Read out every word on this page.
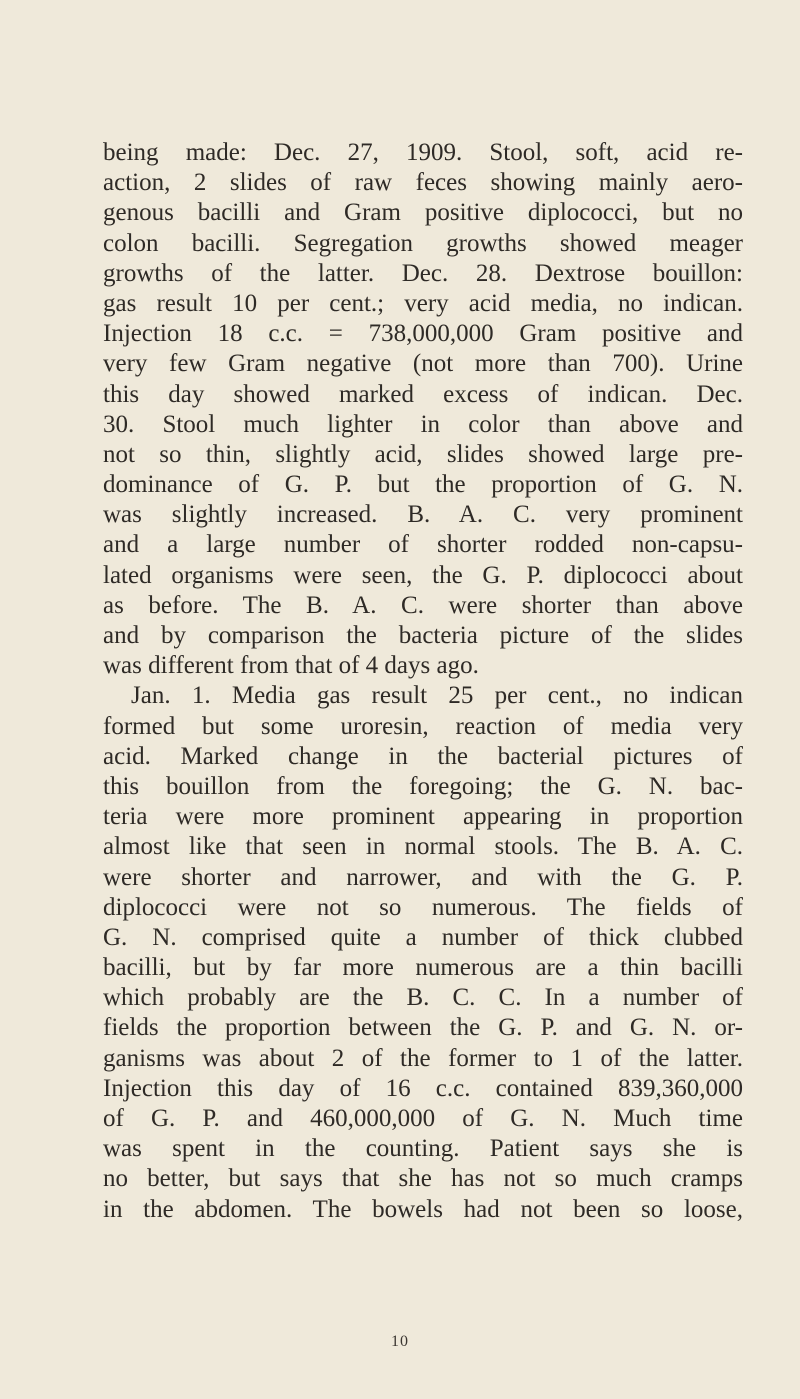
being made: Dec. 27, 1909. Stool, soft, acid re-
action, 2 slides of raw feces showing mainly aero-
genous bacilli and Gram positive diplococci, but no
colon bacilli. Segregation growths showed meager
growths of the latter. Dec. 28. Dextrose bouillon:
gas result 10 per cent.; very acid media, no indican.
Injection 18 c.c. = 738,000,000 Gram positive and
very few Gram negative (not more than 700). Urine
this day showed marked excess of indican. Dec.
30. Stool much lighter in color than above and
not so thin, slightly acid, slides showed large pre-
dominance of G. P. but the proportion of G. N.
was slightly increased. B. A. C. very prominent
and a large number of shorter rodded non-capsu-
lated organisms were seen, the G. P. diplococci about
as before. The B. A. C. were shorter than above
and by comparison the bacteria picture of the slides
was different from that of 4 days ago.
Jan. 1. Media gas result 25 per cent., no indican
formed but some uroresin, reaction of media very
acid. Marked change in the bacterial pictures of
this bouillon from the foregoing; the G. N. bac-
teria were more prominent appearing in proportion
almost like that seen in normal stools. The B. A. C.
were shorter and narrower, and with the G. P.
diplococci were not so numerous. The fields of
G. N. comprised quite a number of thick clubbed
bacilli, but by far more numerous are a thin bacilli
which probably are the B. C. C. In a number of
fields the proportion between the G. P. and G. N. or-
ganisms was about 2 of the former to 1 of the latter.
Injection this day of 16 c.c. contained 839,360,000
of G. P. and 460,000,000 of G. N. Much time
was spent in the counting. Patient says she is
no better, but says that she has not so much cramps
in the abdomen. The bowels had not been so loose,
10
